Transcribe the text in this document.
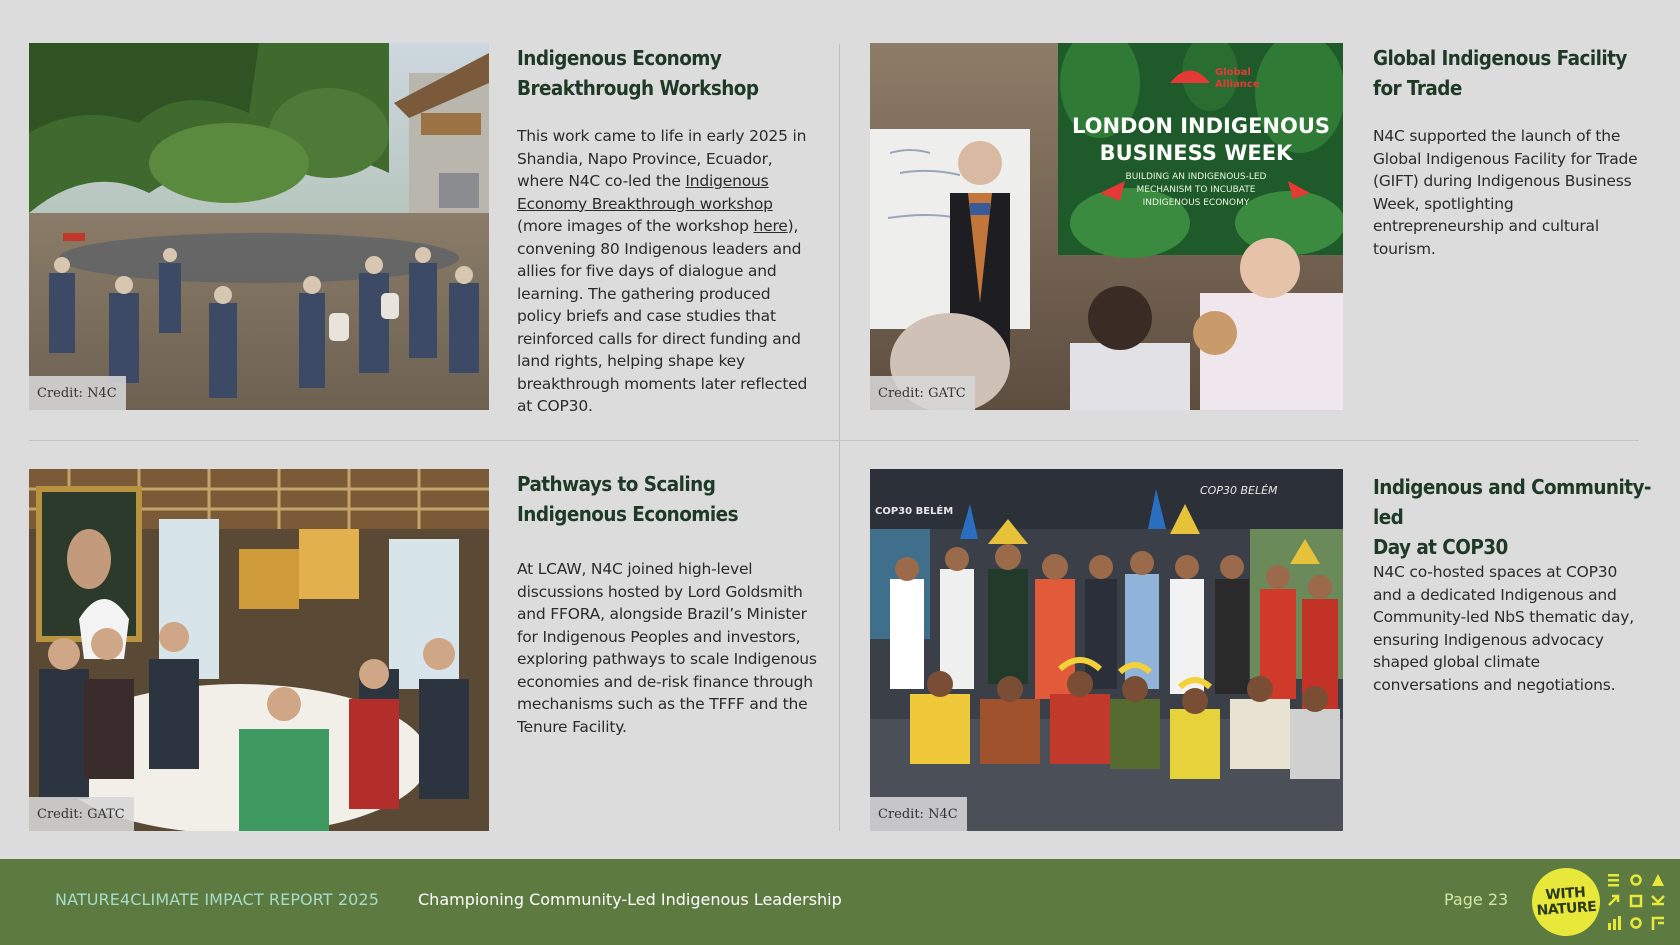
Credit: N4C
Indigenous Economy
Breakthrough Workshop
This work came to life in early 2025 in Shandia, Napo Province, Ecuador, where N4C co-led the Indigenous Economy Breakthrough workshop (more images of the workshop here), convening 80 Indigenous leaders and allies for five days of dialogue and learning. The gathering produced policy briefs and case studies that reinforced calls for direct funding and land rights, helping shape key breakthrough moments later reflected at COP30.
Global
Alliance
LONDON INDIGENOUS
BUSINESS WEEK
BUILDING AN INDIGENOUS-LED
MECHANISM TO INCUBATE
INDIGENOUS ECONOMY
Credit: GATC
Global Indigenous Facility
for Trade
N4C supported the launch of the Global Indigenous Facility for Trade (GIFT) during Indigenous Business Week, spotlighting entrepreneurship and cultural tourism.
Credit: GATC
Pathways to Scaling
Indigenous Economies
At LCAW, N4C joined high-level discussions hosted by Lord Goldsmith and FFORA, alongside Brazil’s Minister for Indigenous Peoples and investors, exploring pathways to scale Indigenous economies and de-risk finance through mechanisms such as the TFFF and the Tenure Facility.
COP30 BELÉM
COP30 BELÉM
Credit: N4C
Indigenous and Community-led
Day at COP30
N4C co-hosted spaces at COP30 and a dedicated Indigenous and Community-led NbS thematic day, ensuring Indigenous advocacy shaped global climate conversations and negotiations.
NATURE4CLIMATE IMPACT REPORT 2025 Championing Community-Led Indigenous Leadership	Page 23	WITH
NATURE
